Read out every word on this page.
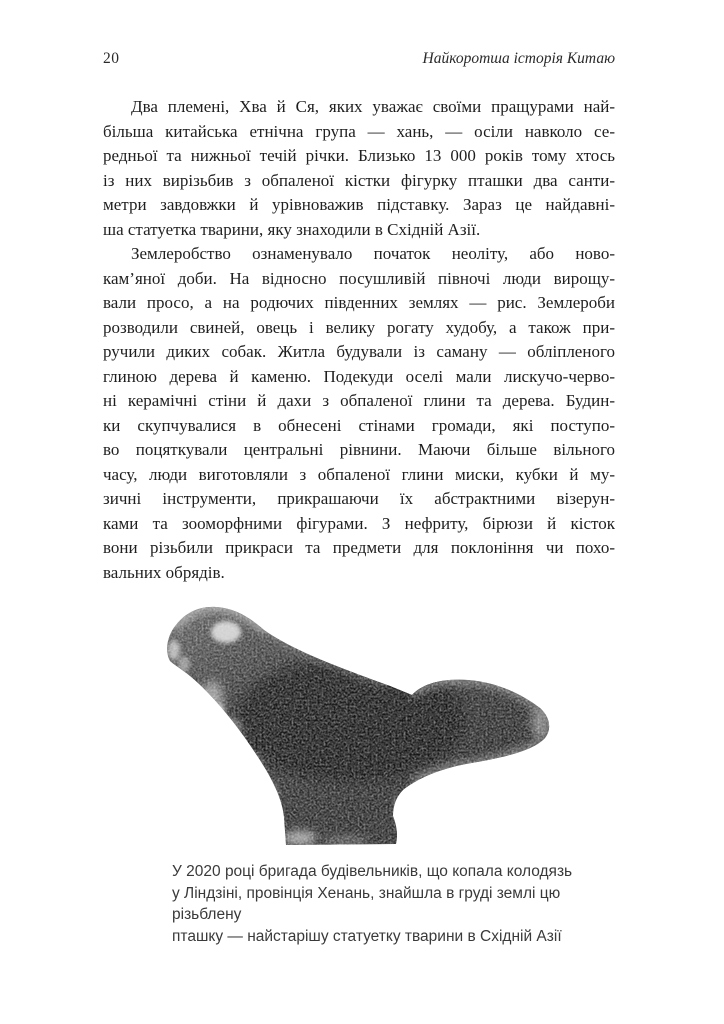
20	Найкоротша історія Китаю
Два племені, Хва й Ся, яких уважає своїми пращурами най-
більша китайська етнічна група — хань, — осіли навколо се-
редньої та нижньої течій річки. Близько 13 000 років тому хтось
із них вирізьбив з обпаленої кістки фігурку пташки два санти-
метри завдовжки й урівноважив підставку. Зараз це найдавні-
ша статуетка тварини, яку знаходили в Східній Азії.
Землеробство ознаменувало початок неоліту, або ново-
кам’яної доби. На відносно посушливій півночі люди вирощу-
вали просо, а на родючих південних землях — рис. Землероби
розводили свиней, овець і велику рогату худобу, а також при-
ручили диких собак. Житла будували із саману — обліпленого
глиною дерева й каменю. Подекуди оселі мали лискучо-черво-
ні керамічні стіни й дахи з обпаленої глини та дерева. Будин-
ки скупчувалися в обнесені стінами громади, які поступо-
во поцяткували центральні рівнини. Маючи більше вільного
часу, люди виготовляли з обпаленої глини миски, кубки й му-
зичні інструменти, прикрашаючи їх абстрактними візерун-
ками та зооморфними фігурами. З нефриту, бірюзи й кісток
вони різьбили прикраси та предмети для поклоніння чи похо-
вальних обрядів.
У 2020 році бригада будівельників, що копала колодязь
у Ліндзіні, провінція Хенань, знайшла в груді землі цю різьблену
пташку — найстарішу статуетку тварини в Східній Азії
